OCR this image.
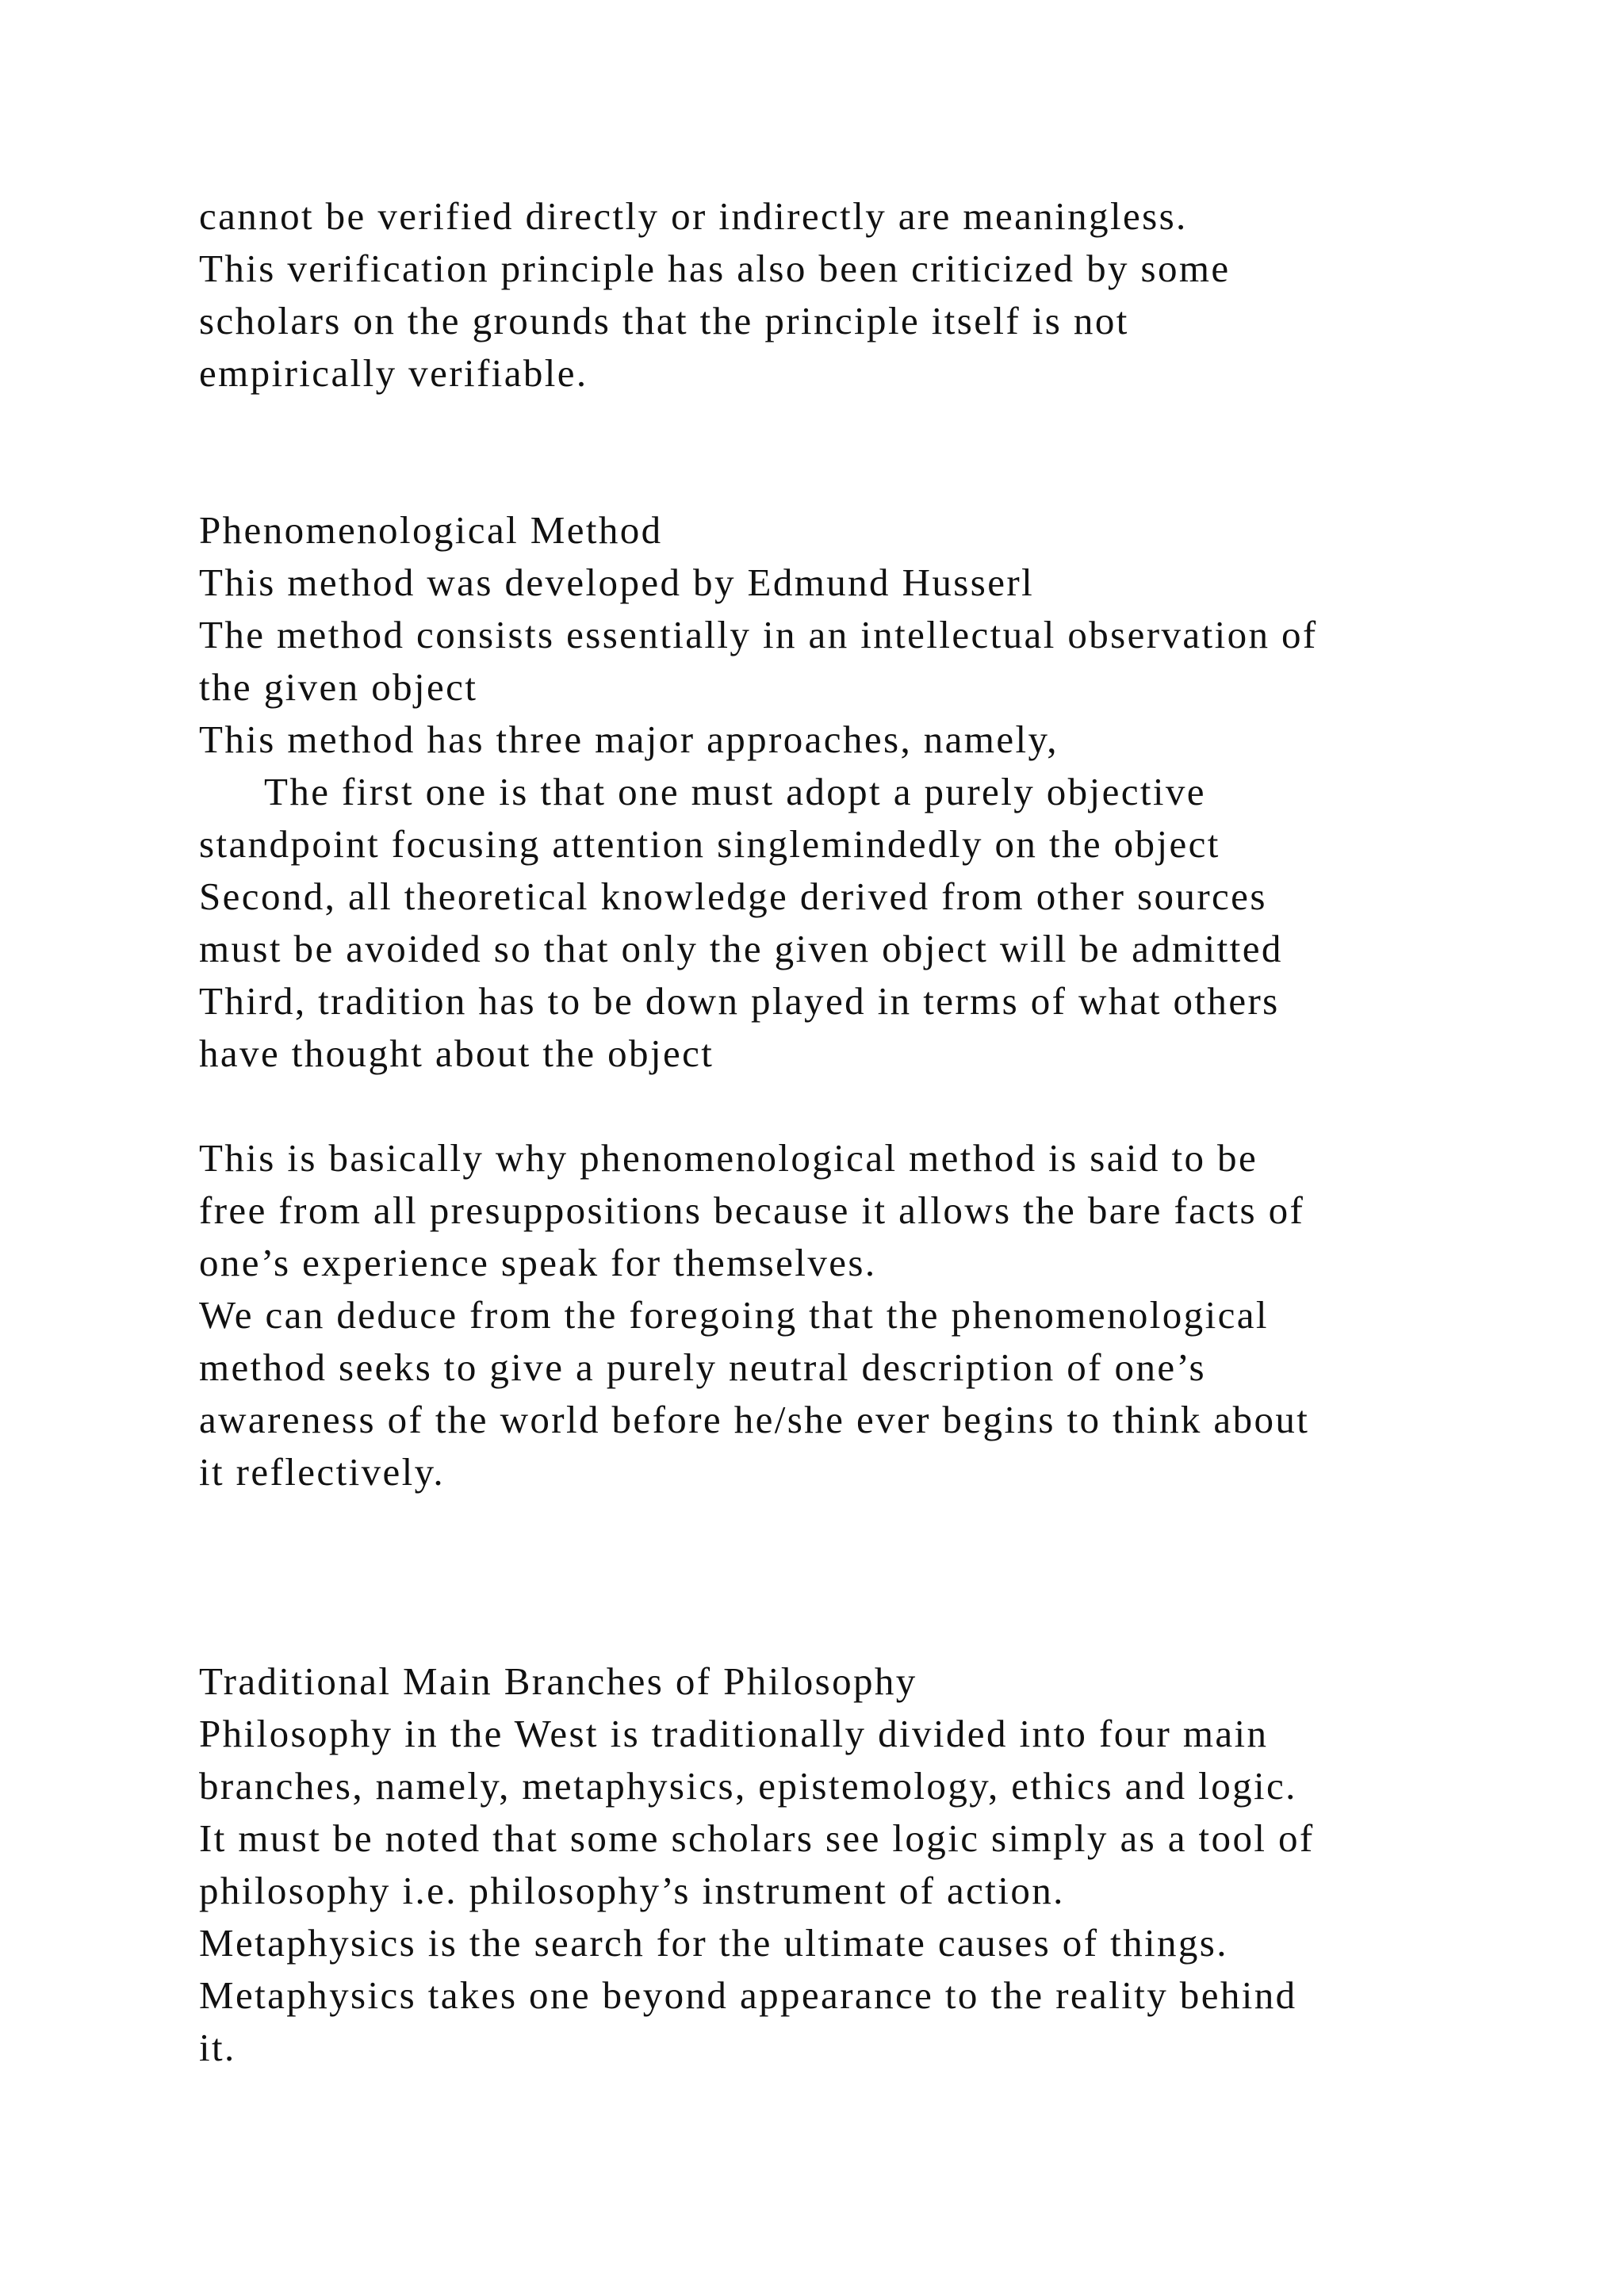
cannot be verified directly or indirectly are meaningless.

This verification principle has also been criticized by some

scholars on the grounds that the principle itself is not

empirically verifiable.

Phenomenological Method

This method was developed by Edmund Husserl

The method consists essentially in an intellectual observation of

the given object

This method has three major approaches, namely,

The first one is that one must adopt a purely objective

standpoint focusing attention singlemindedly on the object

Second, all theoretical knowledge derived from other sources

must be avoided so that only the given object will be admitted

Third, tradition has to be down played in terms of what others

have thought about the object

This is basically why phenomenological method is said to be

free from all presuppositions because it allows the bare facts of

one’s experience speak for themselves.

We can deduce from the foregoing that the phenomenological

method seeks to give a purely neutral description of one’s

awareness of the world before he/she ever begins to think about

it reflectively.

Traditional Main Branches of Philosophy

Philosophy in the West is traditionally divided into four main

branches, namely, metaphysics, epistemology, ethics and logic.

It must be noted that some scholars see logic simply as a tool of

philosophy i.e. philosophy’s instrument of action.

Metaphysics is the search for the ultimate causes of things.

Metaphysics takes one beyond appearance to the reality behind

it.
